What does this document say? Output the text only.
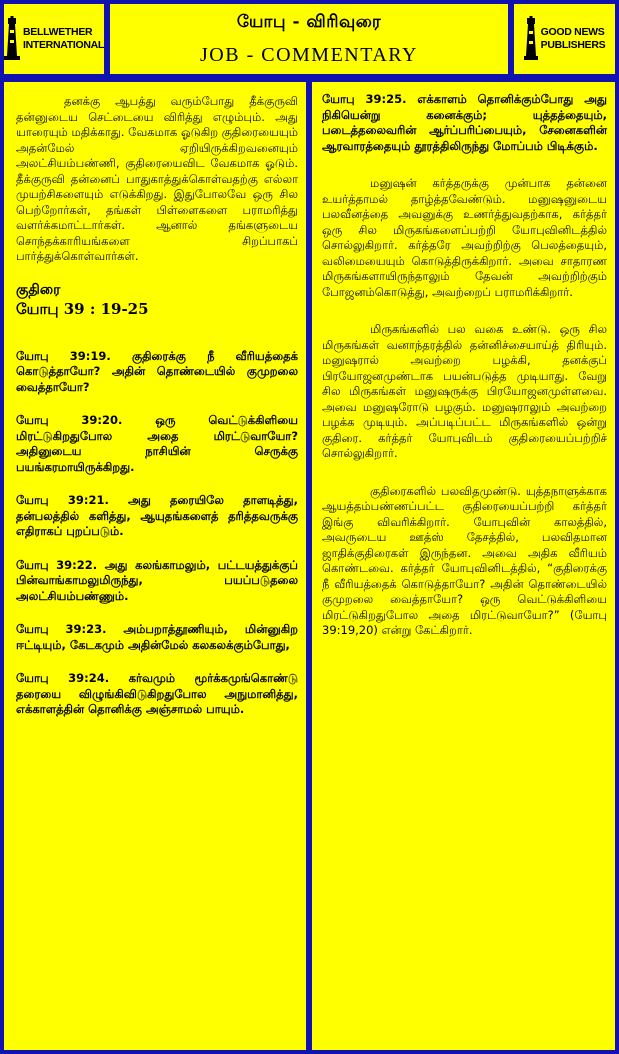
BELLWETHER
INTERNATIONAL
யோபு - விரிவுரை
JOB - COMMENTARY
GOOD NEWS
PUBLISHERS

தனக்கு ஆபத்து வரும்போது தீக்குருவி தன்னுடைய செட்டையை விரித்து எழும்பும். அது யாரையும் மதிக்காது. வேகமாக ஓடுகிற குதிரையையும் அதன்மேல் ஏறியிருக்கிறவனையும் அலட்சியம்பண்ணி, குதிரையைவிட வேகமாக ஓடும். தீக்குருவி தன்னைப் பாதுகாத்துக்கொள்வதற்கு எல்லா முயற்சிகளையும் எடுக்கிறது. இதுபோலவே ஒரு சில பெற்றோர்கள், தங்கள் பிள்ளைகளை பராமரித்து வளர்க்கமாட்டார்கள். ஆனால் தங்களுடைய சொந்தக்காரியங்களை சிறப்பாகப் பார்த்துக்கொள்வார்கள்.

குதிரை
யோபு 39 : 19-25

யோபு 39:19. குதிரைக்கு நீ வீரியத்தைக் கொடுத்தாயோ? அதின் தொண்டையில் குமுறலை வைத்தாயோ?

யோபு 39:20. ஒரு வெட்டுக்கிளியை மிரட்டுகிறதுபோல அதை மிரட்டுவாயோ? அதினுடைய நாசியின் செருக்கு பயங்கரமாயிருக்கிறது.

யோபு 39:21. அது தரையிலே தாளடித்து, தன்பலத்தில் களித்து, ஆயுதங்களைத் தரித்தவருக்கு எதிராகப் புறப்படும்.

யோபு 39:22. அது கலங்காமலும், பட்டயத்துக்குப் பின்வாங்காமலுமிருந்து, பயப்படுதலை அலட்சியம்பண்ணும்.

யோபு 39:23. அம்பறாத்தூணியும், மின்னுகிற ஈட்டியும், கேடகமும் அதின்மேல் கலகலக்கும்போது,

யோபு 39:24. கர்வமும் மூர்க்கமுங்கொண்டு தரையை விழுங்கிவிடுகிறதுபோல அநுமானித்து, எக்காளத்தின் தொனிக்கு அஞ்சாமல் பாயும்.

யோபு 39:25. எக்காளம் தொனிக்கும்போது அது நிகியென்று கனைக்கும்; யுத்தத்தையும், படைத்தலைவரின் ஆர்ப்பரிப்பையும், சேனைகளின் ஆரவாரத்தையும் தூரத்திலிருந்து மோப்பம் பிடிக்கும்.

மனுஷன் கர்த்தருக்கு முன்பாக தன்னை உயர்த்தாமல் தாழ்த்தவேண்டும். மனுஷனுடைய பலவீனத்தை அவனுக்கு உணர்த்துவதற்காக, கர்த்தர் ஒரு சில மிருகங்களைப்பற்றி யோபுவினிடத்தில் சொல்லுகிறார். கர்த்தரே அவற்றிற்கு பெலத்தையும், வலிமையையும் கொடுத்திருக்கிறார். அவை சாதாரண மிருகங்களாயிருந்தாலும் தேவன் அவற்றிற்கும் போஜனம்கொடுத்து, அவற்றைப் பராமரிக்கிறார்.

மிருகங்களில் பல வகை உண்டு. ஒரு சில மிருகங்கள் வனாந்தரத்தில் தன்னிச்சையாய்த் திரியும். மனுஷரால் அவற்றை பழக்கி, தனக்குப் பிரயோஜனமுண்டாக பயன்படுத்த முடியாது. வேறு சில மிருகங்கள் மனுஷருக்கு பிரயோஜனமுள்ளவை. அவை மனுஷரோடு பழகும். மனுஷராலும் அவற்றை பழக்க முடியும். அப்படிப்பட்ட மிருகங்களில் ஒன்று குதிரை. கர்த்தர் யோபுவிடம் குதிரையைப்பற்றிச் சொல்லுகிறார்.

குதிரைகளில் பலவிதமுண்டு. யுத்தநாளுக்காக ஆயத்தம்பண்ணப்பட்ட குதிரையைப்பற்றி கர்த்தர் இங்கு விவரிக்கிறார். யோபுவின் காலத்தில், அவருடைய ஊத்ஸ் தேசத்தில், பலவிதமான ஜாதிக்குதிரைகள் இருந்தன. அவை அதிக வீரியம் கொண்டவை. கர்த்தர் யோபுவினிடத்தில், “குதிரைக்கு நீ வீரியத்தைக் கொடுத்தாயோ? அதின் தொண்டையில் குமுறலை வைத்தாயோ? ஒரு வெட்டுக்கிளியை மிரட்டுகிறதுபோல அதை மிரட்டுவாயோ?” (யோபு 39:19,20) என்று கேட்கிறார்.
